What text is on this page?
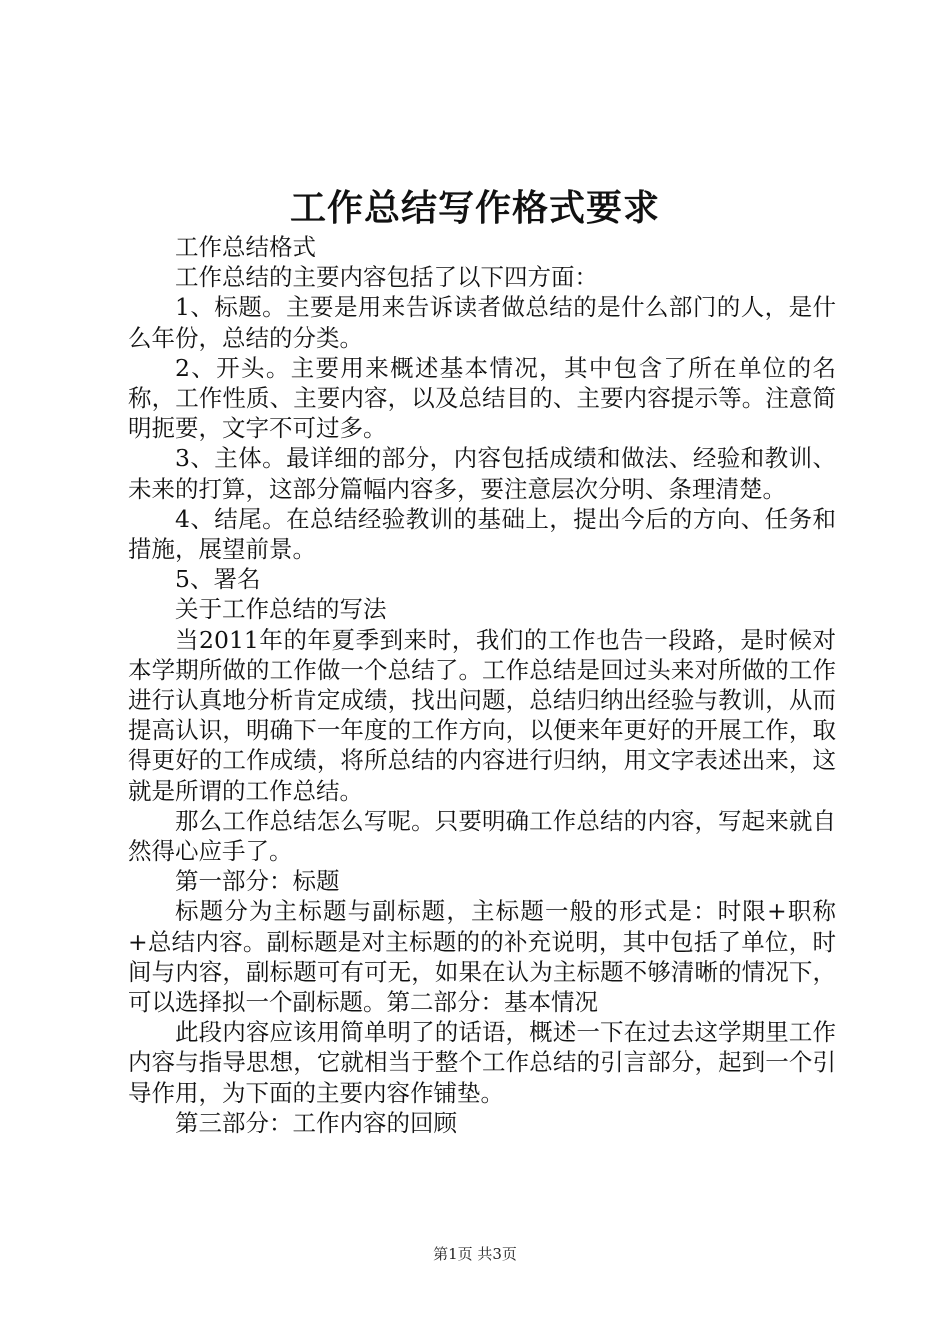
工作总结写作格式要求

工作总结格式

工作总结的主要内容包括了以下四方面：

1、标题。主要是用来告诉读者做总结的是什么部门的人，是什么年份，总结的分类。

2、开头。主要用来概述基本情况，其中包含了所在单位的名称，工作性质、主要内容，以及总结目的、主要内容提示等。注意简明扼要，文字不可过多。

3、主体。最详细的部分，内容包括成绩和做法、经验和教训、未来的打算，这部分篇幅内容多，要注意层次分明、条理清楚。

4、结尾。在总结经验教训的基础上，提出今后的方向、任务和措施，展望前景。

5、署名

关于工作总结的写法

当2011年的年夏季到来时，我们的工作也告一段路，是时候对本学期所做的工作做一个总结了。工作总结是回过头来对所做的工作进行认真地分析肯定成绩，找出问题，总结归纳出经验与教训，从而提高认识，明确下一年度的工作方向，以便来年更好的开展工作，取得更好的工作成绩，将所总结的内容进行归纳，用文字表述出来，这就是所谓的工作总结。

那么工作总结怎么写呢。只要明确工作总结的内容，写起来就自然得心应手了。

第一部分：标题

标题分为主标题与副标题，主标题一般的形式是：时限+职称+总结内容。副标题是对主标题的的补充说明，其中包括了单位，时间与内容，副标题可有可无，如果在认为主标题不够清晰的情况下，可以选择拟一个副标题。第二部分：基本情况

此段内容应该用简单明了的话语，概述一下在过去这学期里工作内容与指导思想，它就相当于整个工作总结的引言部分，起到一个引导作用，为下面的主要内容作铺垫。

第三部分：工作内容的回顾

第1页 共3页
